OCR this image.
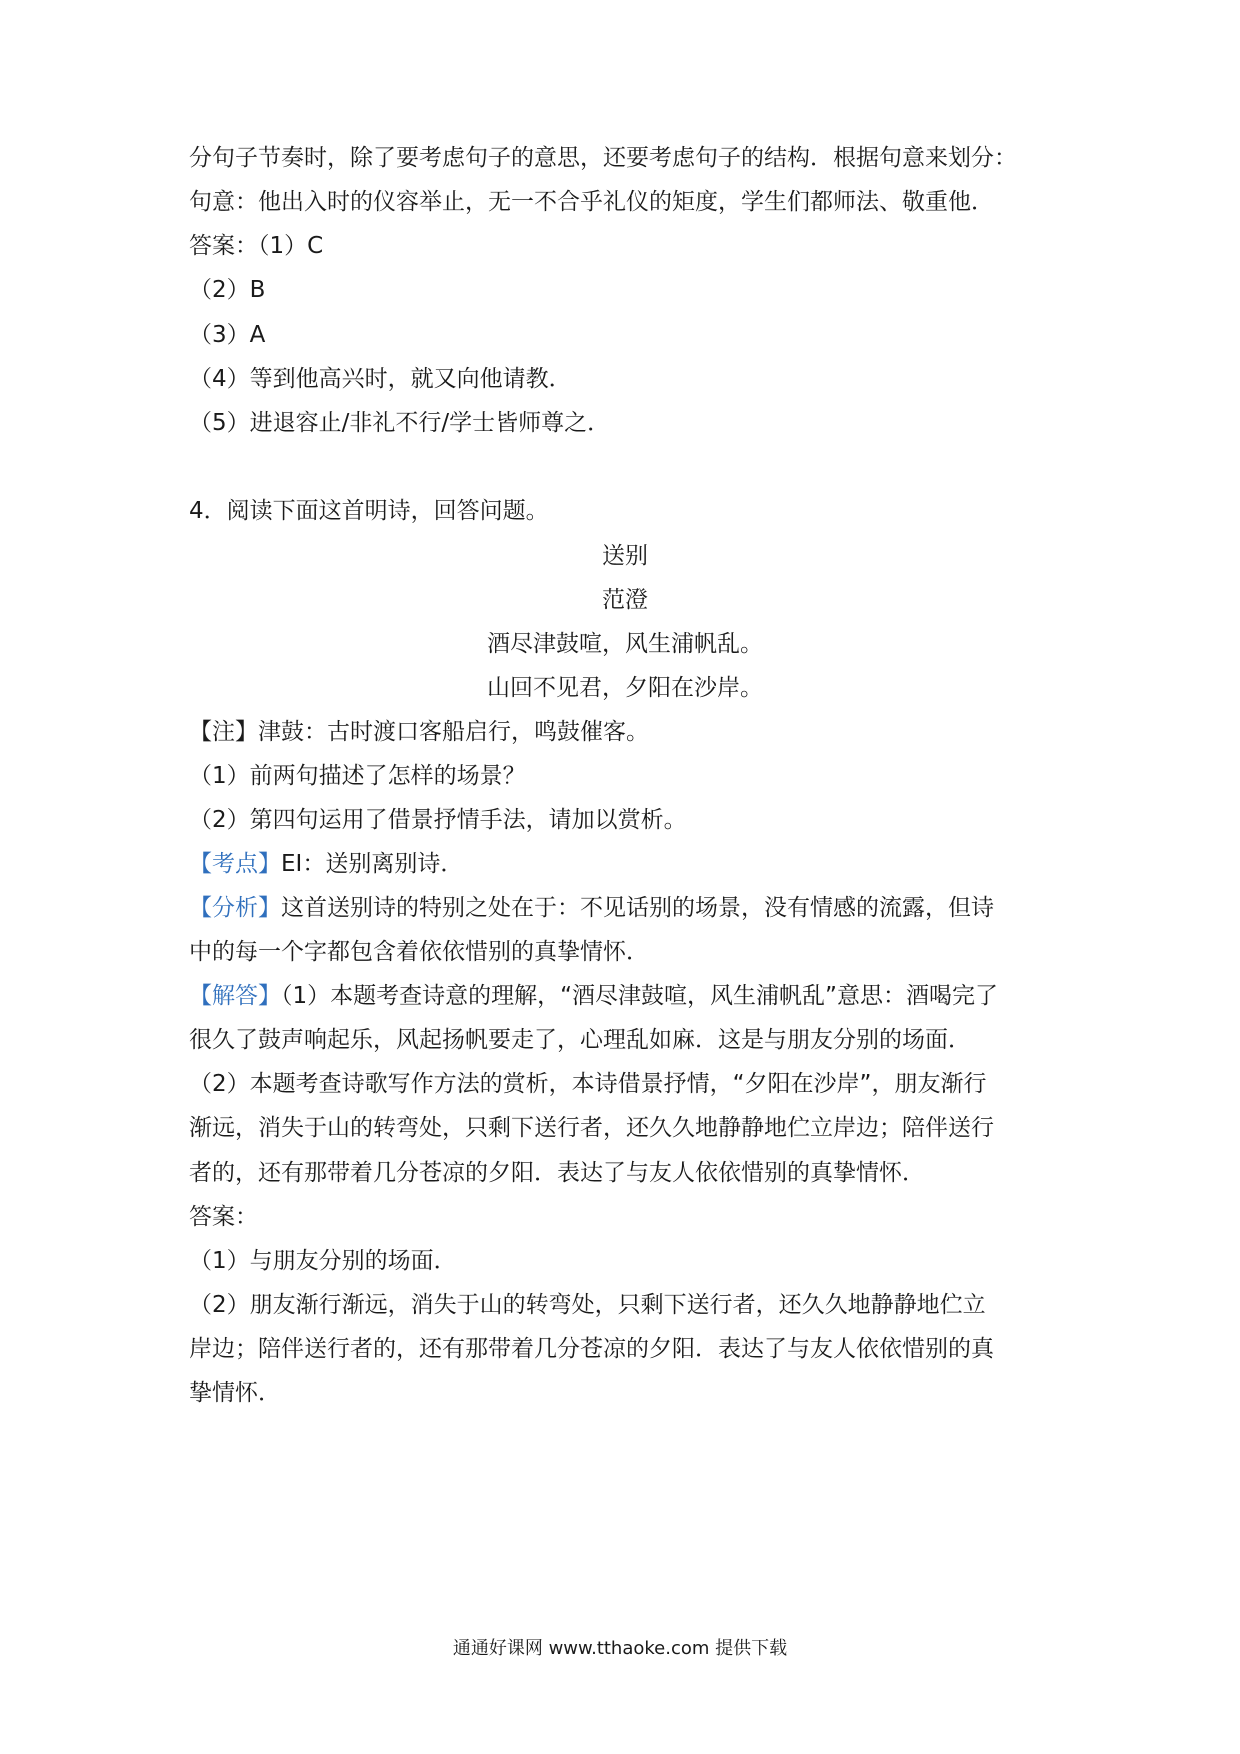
分句子节奏时，除了要考虑句子的意思，还要考虑句子的结构．根据句意来划分：
句意：他出入时的仪容举止，无一不合乎礼仪的矩度，学生们都师法、敬重他．
答案：（1）C
（2）B
（3）A
（4）等到他高兴时，就又向他请教．
（5）进退容止/非礼不行/学士皆师尊之．
4．阅读下面这首明诗，回答问题。
送别
范澄
酒尽津鼓喧，风生浦帆乱。
山回不见君，夕阳在沙岸。
【注】津鼓：古时渡口客船启行，鸣鼓催客。
（1）前两句描述了怎样的场景？
（2）第四句运用了借景抒情手法，请加以赏析。
【考点】EI：送别离别诗．
【分析】这首送别诗的特别之处在于：不见话别的场景，没有情感的流露，但诗
中的每一个字都包含着依依惜别的真挚情怀．
【解答】（1）本题考查诗意的理解，“酒尽津鼓喧，风生浦帆乱”意思：酒喝完了
很久了鼓声响起乐，风起扬帆要走了，心理乱如麻．这是与朋友分别的场面．
（2）本题考查诗歌写作方法的赏析，本诗借景抒情，“夕阳在沙岸”，朋友渐行
渐远，消失于山的转弯处，只剩下送行者，还久久地静静地伫立岸边；陪伴送行
者的，还有那带着几分苍凉的夕阳．表达了与友人依依惜别的真挚情怀．
答案：
（1）与朋友分别的场面．
（2）朋友渐行渐远，消失于山的转弯处，只剩下送行者，还久久地静静地伫立
岸边；陪伴送行者的，还有那带着几分苍凉的夕阳．表达了与友人依依惜别的真
挚情怀．
通通好课网 www.tthaoke.com 提供下载
